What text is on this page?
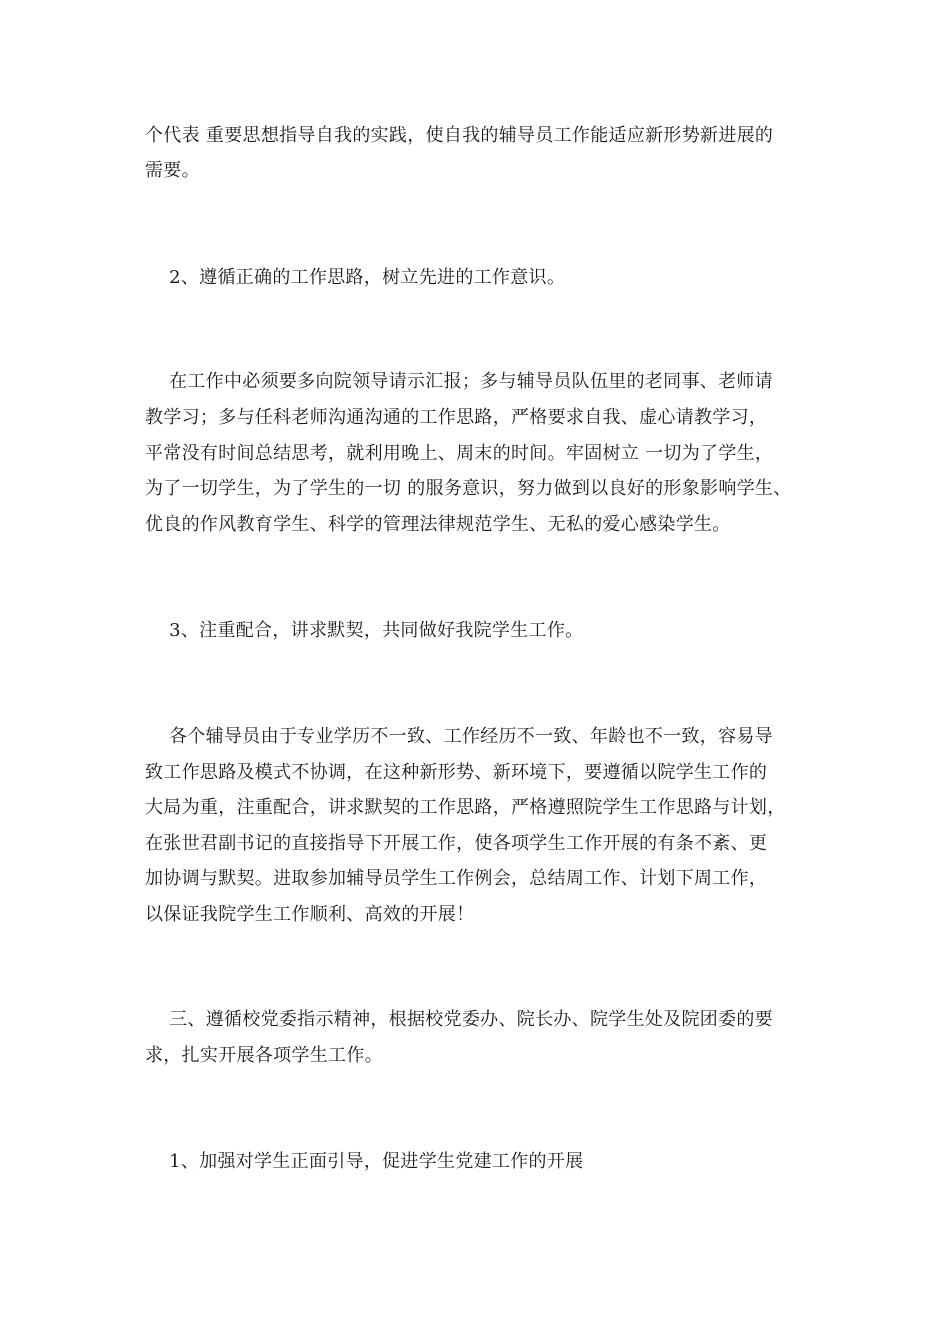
个代表 重要思想指导自我的实践，使自我的辅导员工作能适应新形势新进展的
需要。
2、遵循正确的工作思路，树立先进的工作意识。
在工作中必须要多向院领导请示汇报；多与辅导员队伍里的老同事、老师请
教学习；多与任科老师沟通沟通的工作思路，严格要求自我、虚心请教学习，
平常没有时间总结思考，就利用晚上、周末的时间。牢固树立 一切为了学生，
为了一切学生，为了学生的一切 的服务意识，努力做到以良好的形象影响学生、
优良的作风教育学生、科学的管理法律规范学生、无私的爱心感染学生。
3、注重配合，讲求默契，共同做好我院学生工作。
各个辅导员由于专业学历不一致、工作经历不一致、年龄也不一致，容易导
致工作思路及模式不协调，在这种新形势、新环境下，要遵循以院学生工作的
大局为重，注重配合，讲求默契的工作思路，严格遵照院学生工作思路与计划，
在张世君副书记的直接指导下开展工作，使各项学生工作开展的有条不紊、更
加协调与默契。进取参加辅导员学生工作例会，总结周工作、计划下周工作，
以保证我院学生工作顺利、高效的开展！
三、遵循校党委指示精神，根据校党委办、院长办、院学生处及院团委的要
求，扎实开展各项学生工作。
1、加强对学生正面引导，促进学生党建工作的开展
